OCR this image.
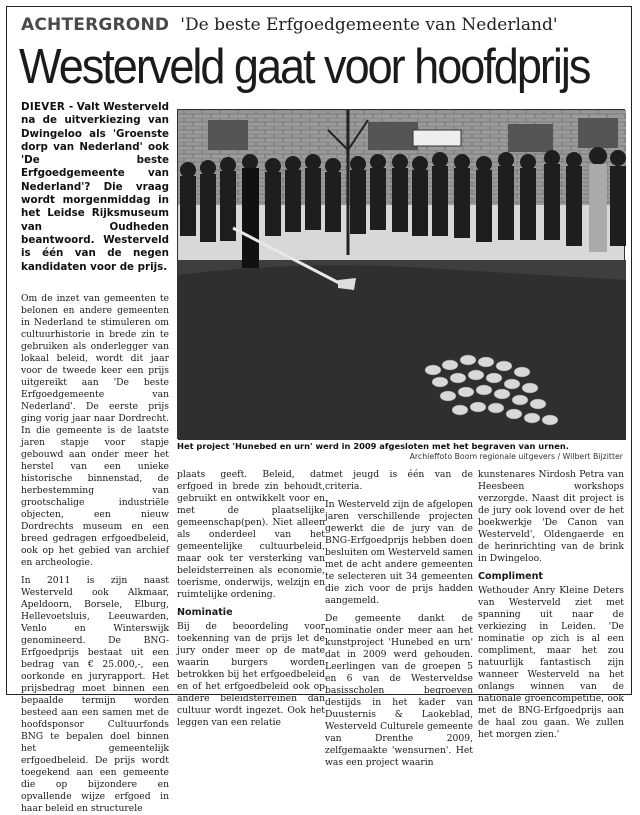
ACHTERGROND 'De beste Erfgoedgemeente van Nederland'
Westerveld gaat voor hoofdprijs
DIEVER - Valt Westerveld na de uitverkiezing van Dwingeloo als 'Groenste dorp van Nederland' ook 'De beste Erfgoedgemeente van Nederland'? Die vraag wordt morgenmiddag in het Leidse Rijksmuseum van Oudheden beantwoord. Westerveld is één van de negen kandidaten voor de prijs.
Het project 'Hunebed en urn' werd in 2009 afgesloten met het begraven van urnen.
Archieffoto Boom regionale uitgevers / Wilbert Bijzitter

Om de inzet van gemeenten te belonen en andere gemeenten in Nederland te stimuleren om cultuurhistorie in brede zin te gebruiken als onderlegger van lokaal beleid, wordt dit jaar voor de tweede keer een prijs uitgereikt aan 'De beste Erfgoedgemeente van Nederland'. De eerste prijs ging vorig jaar naar Dordrecht. In die gemeente is de laatste jaren stapje voor stapje gebouwd aan onder meer het herstel van een unieke historische binnenstad, de herbestemming van grootschalige industriële objecten, een nieuw Dordrechts museum en een breed gedragen erfgoedbeleid, ook op het gebied van archief en archeologie.

In 2011 is zijn naast Westerveld ook Alkmaar, Apeldoorn, Borsele, Elburg, Hellevoetsluis, Leeuwarden, Venlo en Winterswijk genomineerd. De BNG-Erfgoedprijs bestaat uit een bedrag van € 25.000,-, een oorkonde en juryrapport. Het prijsbedrag moet binnen een bepaalde termijn worden besteed aan een samen met de hoofdsponsor Cultuurfonds BNG te bepalen doel binnen het gemeentelijk erfgoedbeleid. De prijs wordt toegekend aan een gemeente die op bijzondere en opvallende wijze erfgoed in haar beleid en structurele

plaats geeft. Beleid, dat erfgoed in brede zin behoudt, gebruikt en ontwikkelt voor en met de plaatselijke gemeenschap(pen). Niet alleen als onderdeel van het gemeentelijke cultuurbeleid, maar ook ter versterking van beleidsterreinen als economie, toerisme, onderwijs, welzijn en ruimtelijke ordening.

Nominatie

Bij de beoordeling voor toekenning van de prijs let de jury onder meer op de mate waarin burgers worden betrokken bij het erfgoedbeleid en of het erfgoedbeleid ook op andere beleidsterreinen dan cultuur wordt ingezet. Ook het leggen van een relatie

met jeugd is één van de criteria.

In Westerveld zijn de afgelopen jaren verschillende projecten gewerkt die de jury van de BNG-Erfgoedprijs hebben doen besluiten om Westerveld samen met de acht andere gemeenten te selecteren uit 34 gemeenten die zich voor de prijs hadden aangemeld.

De gemeente dankt de nominatie onder meer aan het kunstproject 'Hunebed en urn' dat in 2009 werd gehouden. Leerlingen van de groepen 5 en 6 van de Westerveldse basisscholen begroeven destijds in het kader van Duusternis & Laokeblad, Westerveld Culturele gemeente van Drenthe 2009, zelfgemaakte 'wensurnen'. Het was een project waarin

kunstenares Nirdosh Petra van Heesbeen workshops verzorgde. Naast dit project is de jury ook lovend over de het boekwerkje 'De Canon van Westerveld', Oldengaerde en de herinrichting van de brink in Dwingeloo.

Compliment

Wethouder Anry Kleine Deters van Westerveld ziet met spanning uit naar de verkiezing in Leiden. 'De nominatie op zich is al een compliment, maar het zou natuurlijk fantastisch zijn wanneer Westerveld na het onlangs winnen van de nationale groencompetitie, ook met de BNG-Erfgoedprijs aan de haal zou gaan. We zullen het morgen zien.'
